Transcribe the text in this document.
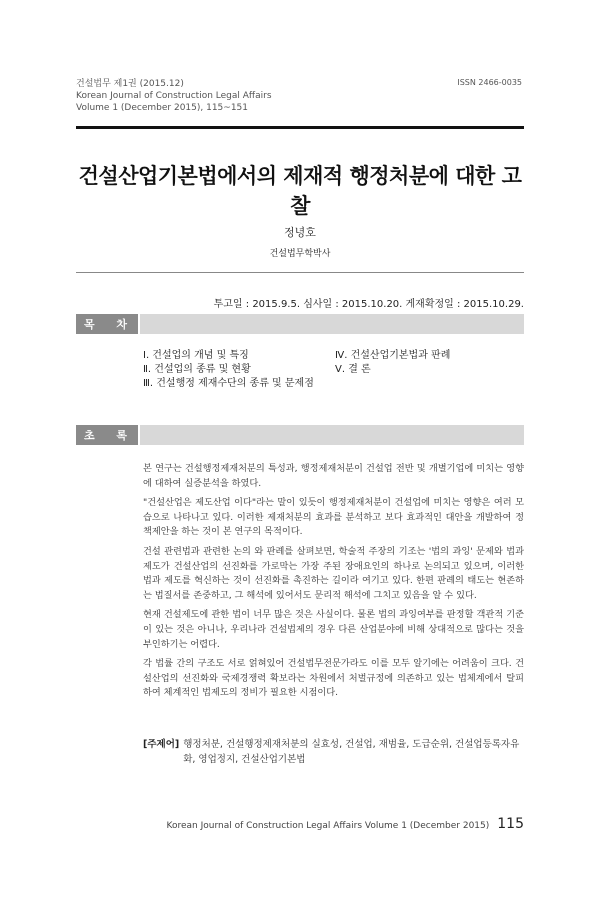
건설법무 제1권 (2015.12)
Korean Journal of Construction Legal Affairs
Volume 1 (December 2015), 115~151
ISSN 2466-0035
건설산업기본법에서의 제재적 행정처분에 대한 고찰
정녕호
건설법무학박사
투고일 : 2015.9.5. 심사일 : 2015.10.20. 게재확정일 : 2015.10.29.
목 차
Ⅰ. 건설업의 개념 및 특징
Ⅱ. 건설업의 종류 및 현황
Ⅲ. 건설행정 제재수단의 종류 및 문제점
Ⅳ. 건설산업기본법과 판례
Ⅴ. 결 론
초 록

본 연구는 건설행정제재처분의 특성과, 행정제재처분이 건설업 전반 및 개별기업에 미치는 영향에 대하여 실증분석을 하였다.

"건설산업은 제도산업 이다"라는 말이 있듯이 행정제재처분이 건설업에 미치는 영향은 여러 모습으로 나타나고 있다. 이러한 제재처분의 효과를 분석하고 보다 효과적인 대안을 개발하여 정책제안을 하는 것이 본 연구의 목적이다.

건설 관련법과 관련한 논의 와 판례를 살펴보면, 학술적 주장의 기조는 '법의 과잉' 문제와 법과 제도가 건설산업의 선진화를 가로막는 가장 주된 장애요인의 하나로 논의되고 있으며, 이러한 법과 제도를 혁신하는 것이 선진화를 촉진하는 길이라 여기고 있다. 한편 판례의 태도는 현존하는 법질서를 존중하고, 그 해석에 있어서도 문리적 해석에 그치고 있음을 알 수 있다.

현재 건설제도에 관한 법이 너무 많은 것은 사실이다. 물론 법의 과잉여부를 판정할 객관적 기준이 있는 것은 아니나, 우리나라 건설법제의 경우 다른 산업분야에 비해 상대적으로 많다는 것을 부인하기는 어렵다.

각 법률 간의 구조도 서로 얽혀있어 건설법무전문가라도 이를 모두 알기에는 어려움이 크다. 건설산업의 선진화와 국제경쟁력 확보라는 차원에서 처벌규정에 의존하고 있는 법체계에서 탈피하여 체계적인 법제도의 정비가 필요한 시점이다.

[주제어] 행정처분, 건설행정제재처분의 실효성, 건설업, 재범율, 도급순위, 건설업등록자유화, 영업정지, 건설산업기본법
Korean Journal of Construction Legal Affairs Volume 1 (December 2015) 115
